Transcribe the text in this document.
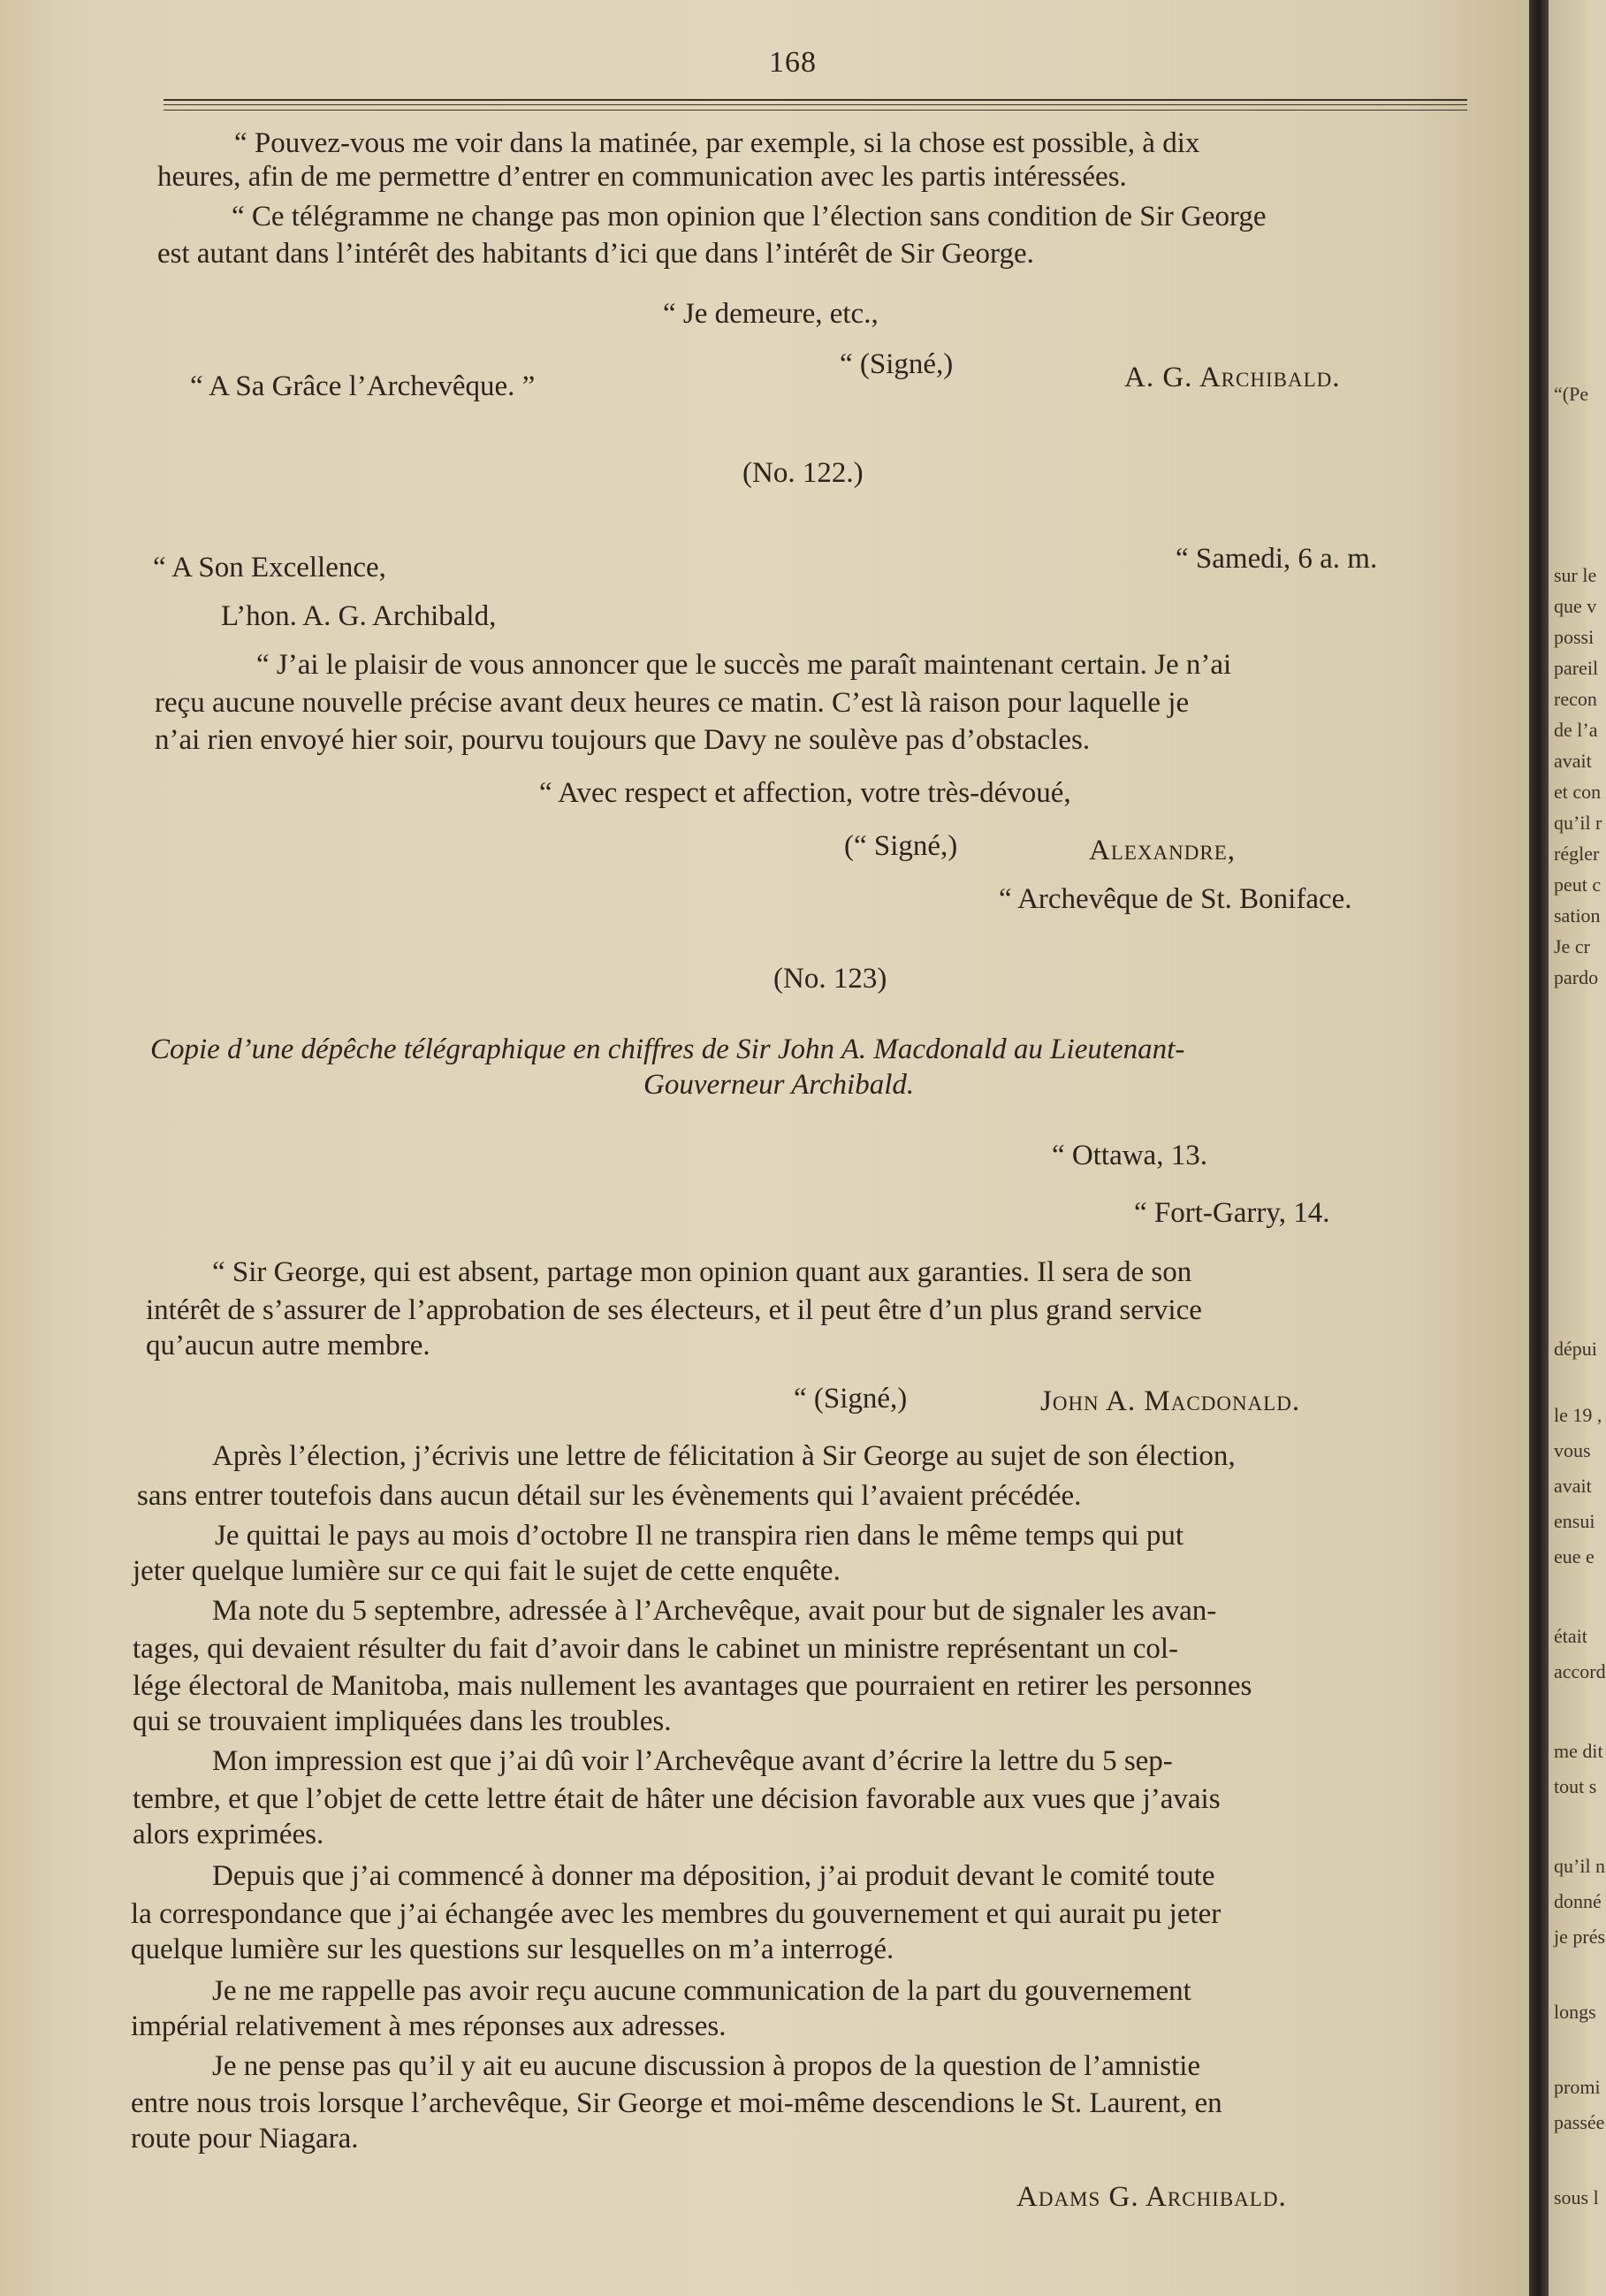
168
“ Pouvez-vous me voir dans la matinée, par exemple, si la chose est possible, à dix
heures, afin de me permettre d’entrer en communication avec les partis intéressées.
“ Ce télégramme ne change pas mon opinion que l’élection sans condition de Sir George
est autant dans l’intérêt des habitants d’ici que dans l’intérêt de Sir George.
“ Je demeure, etc.,
“ A Sa Grâce l’Archevêque. ”
“ (Signé,)	A. G. Archibald.
(No. 122.)
“ A Son Excellence,	“ Samedi, 6 a. m.
L’hon. A. G. Archibald,
“ J’ai le plaisir de vous annoncer que le succès me paraît maintenant certain. Je n’ai
reçu aucune nouvelle précise avant deux heures ce matin. C’est là raison pour laquelle je
n’ai rien envoyé hier soir, pourvu toujours que Davy ne soulève pas d’obstacles.
“ Avec respect et affection, votre très-dévoué,
(“ Signé,)	Alexandre,
“ Archevêque de St. Boniface.
(No. 123)
Copie d’une dépêche télégraphique en chiffres de Sir John A. Macdonald au Lieutenant-
Gouverneur Archibald.
“ Ottawa, 13.
“ Fort-Garry, 14.
“ Sir George, qui est absent, partage mon opinion quant aux garanties. Il sera de son
intérêt de s’assurer de l’approbation de ses électeurs, et il peut être d’un plus grand service
qu’aucun autre membre.
“ (Signé,)	John A. Macdonald.
Après l’élection, j’écrivis une lettre de félicitation à Sir George au sujet de son élection,
sans entrer toutefois dans aucun détail sur les évènements qui l’avaient précédée.
Je quittai le pays au mois d’octobre Il ne transpira rien dans le même temps qui put
jeter quelque lumière sur ce qui fait le sujet de cette enquête.
Ma note du 5 septembre, adressée à l’Archevêque, avait pour but de signaler les avan-
tages, qui devaient résulter du fait d’avoir dans le cabinet un ministre représentant un col-
lége électoral de Manitoba, mais nullement les avantages que pourraient en retirer les personnes
qui se trouvaient impliquées dans les troubles.
Mon impression est que j’ai dû voir l’Archevêque avant d’écrire la lettre du 5 sep-
tembre, et que l’objet de cette lettre était de hâter une décision favorable aux vues que j’avais
alors exprimées.
Depuis que j’ai commencé à donner ma déposition, j’ai produit devant le comité toute
la correspondance que j’ai échangée avec les membres du gouvernement et qui aurait pu jeter
quelque lumière sur les questions sur lesquelles on m’a interrogé.
Je ne me rappelle pas avoir reçu aucune communication de la part du gouvernement
impérial relativement à mes réponses aux adresses.
Je ne pense pas qu’il y ait eu aucune discussion à propos de la question de l’amnistie
entre nous trois lorsque l’archevêque, Sir George et moi-même descendions le St. Laurent, en
route pour Niagara.
Adams G. Archibald.
“(Pe
sur le
que v
possi
pareil
recon
de l’a
avait
et con
qu’il r
régler
peut c
sation
Je cr
pardo
dépui
le 19 ,
vous
avait
ensui
eue e
était
accord
me dit
tout s
qu’il n
donné
je prés
longs
promi
passée
sous l
